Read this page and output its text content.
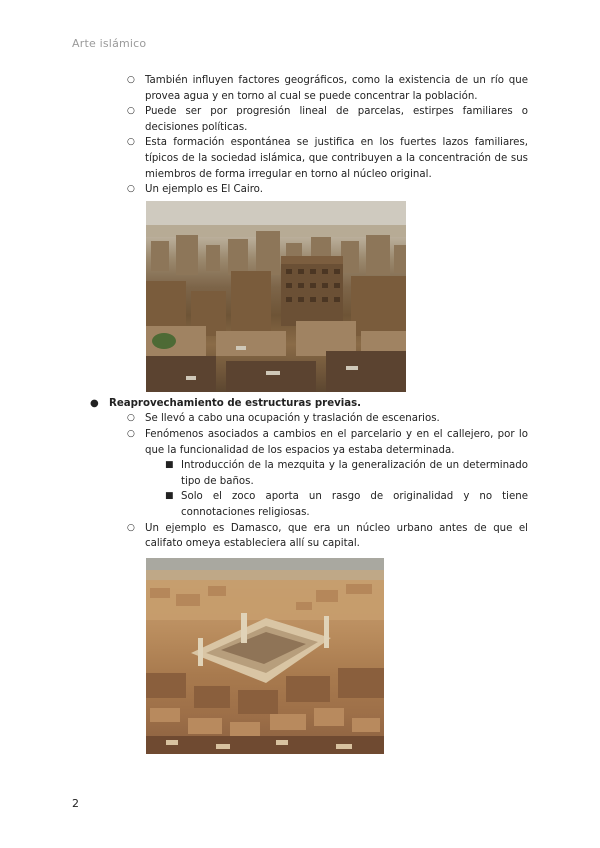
Arte islámico
○ También influyen factores geográficos, como la existencia de un río que provea agua y en torno al cual se puede concentrar la población.
○ Puede ser por progresión lineal de parcelas, estirpes familiares o decisiones políticas.
○ Esta formación espontánea se justifica en los fuertes lazos familiares, típicos de la sociedad islámica, que contribuyen a la concentración de sus miembros de forma irregular en torno al núcleo original.
○ Un ejemplo es El Cairo.
● Reaprovechamiento de estructuras previas.
○ Se llevó a cabo una ocupación y traslación de escenarios.
○ Fenómenos asociados a cambios en el parcelario y en el callejero, por lo que la funcionalidad de los espacios ya estaba determinada.
■ Introducción de la mezquita y la generalización de un determinado tipo de baños.
■ Solo el zoco aporta un rasgo de originalidad y no tiene connotaciones religiosas.
○ Un ejemplo es Damasco, que era un núcleo urbano antes de que el califato omeya estableciera allí su capital.
2
